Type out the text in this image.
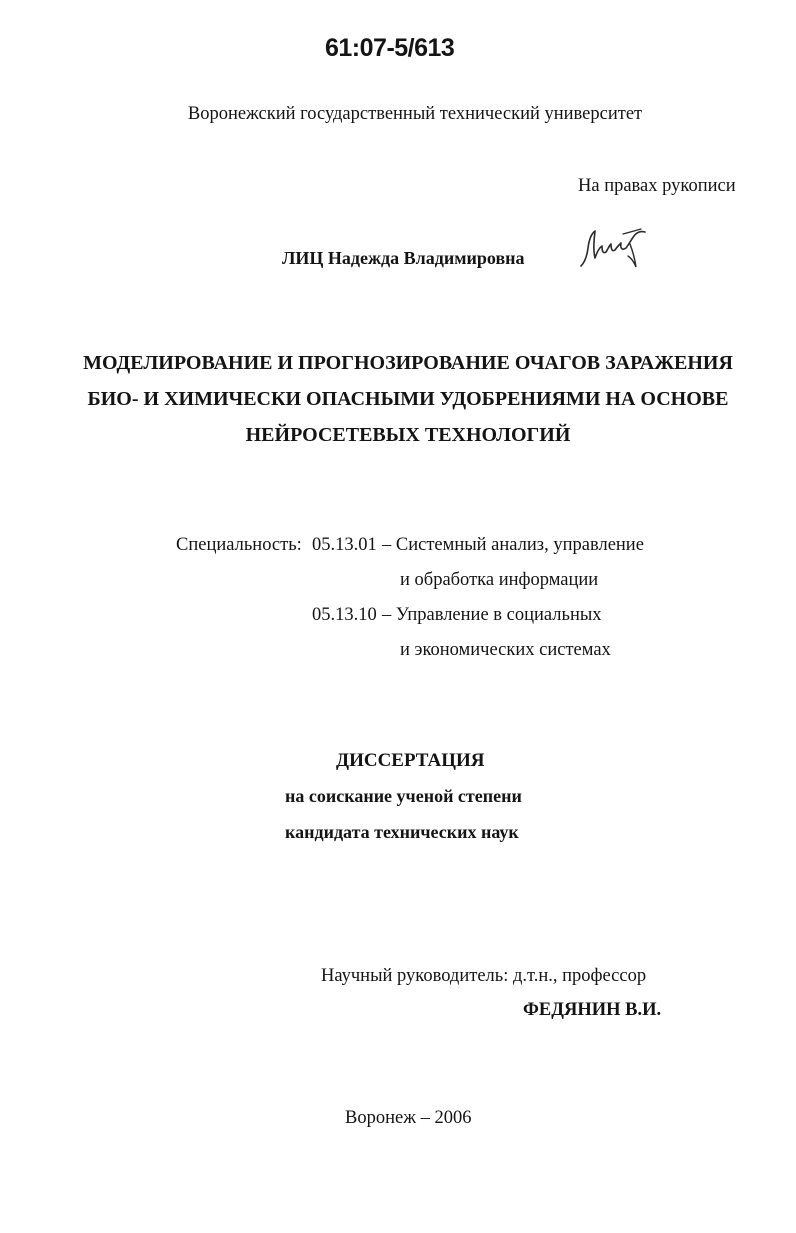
61:07-5/613
Воронежский государственный технический университет
На правах рукописи
ЛИЦ Надежда Владимировна
МОДЕЛИРОВАНИЕ И ПРОГНОЗИРОВАНИЕ ОЧАГОВ ЗАРАЖЕНИЯ
БИО- И ХИМИЧЕСКИ ОПАСНЫМИ УДОБРЕНИЯМИ НА ОСНОВЕ
НЕЙРОСЕТЕВЫХ ТЕХНОЛОГИЙ
Специальность: 05.13.01 – Системный анализ, управление
и обработка информации
05.13.10 – Управление в социальных
и экономических системах
ДИССЕРТАЦИЯ
на соискание ученой степени
кандидата технических наук
Научный руководитель: д.т.н., профессор
ФЕДЯНИН В.И.
Воронеж – 2006
